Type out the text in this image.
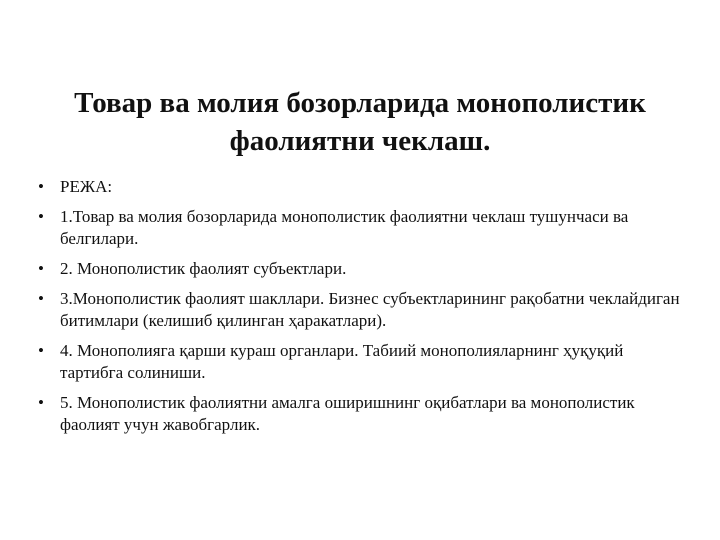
Товар ва молия бозорларида монополистик
фаолиятни чеклаш.
• РЕЖА:
• 1.Товар ва молия бозорларида монополистик фаолиятни чеклаш тушунчаси ва белгилари.
• 2. Монополистик фаолият субъектлари.
• 3.Монополистик фаолият шакллари. Бизнес субъектларининг рақобатни чеклайдиган битимлари (келишиб қилинган ҳаракатлари).
• 4. Монополияга қарши кураш органлари. Табиий монополияларнинг ҳуқуқий тартибга солиниши.
• 5. Монополистик фаолиятни амалга оширишнинг оқибатлари ва монополистик фаолият учун жавобгарлик.
